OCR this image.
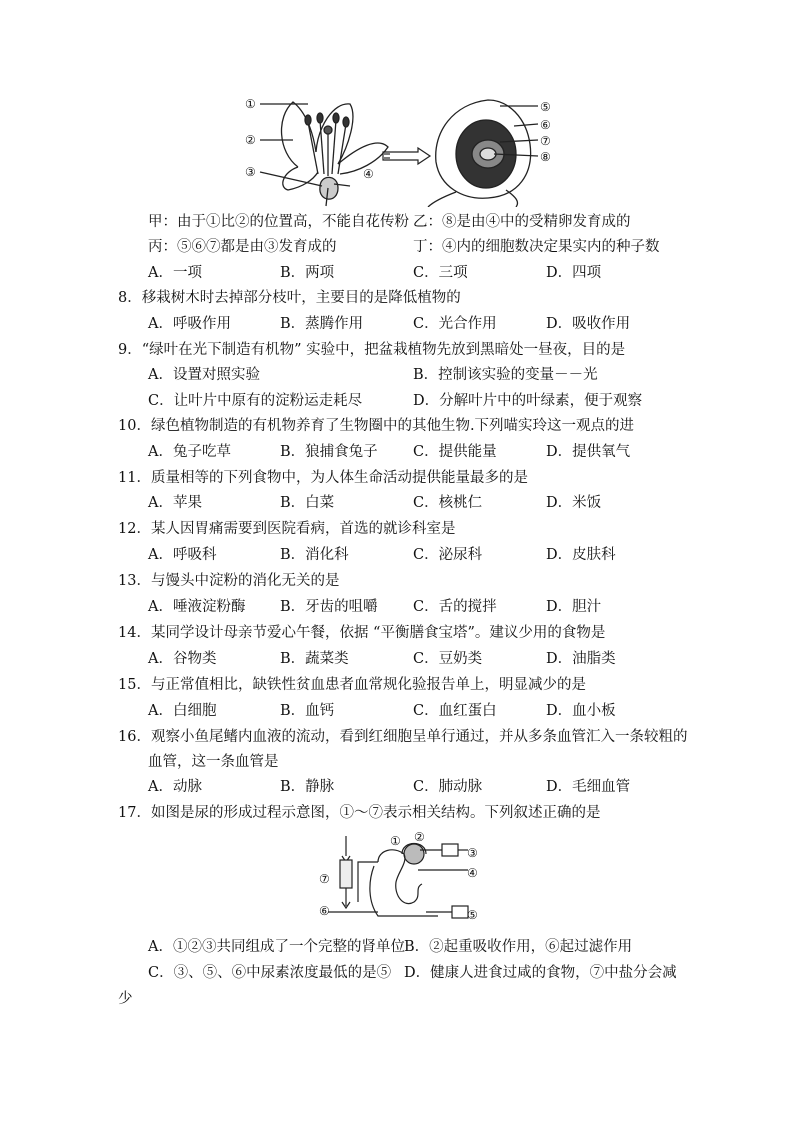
①
②
③	④
⑤
⑥
⑦
⑧
甲：由于①比②的位置高，不能自花传粉 乙：⑧是由④中的受精卵发育成的
丙：⑤⑥⑦都是由③发育成的	丁：④内的细胞数决定果实内的种子数
A．一项	B．两项	C．三项	D．四项
8．移栽树木时去掉部分枝叶，主要目的是降低植物的
A．呼吸作用	B．蒸腾作用	C．光合作用	D．吸收作用
9．“绿叶在光下制造有机物” 实验中，把盆栽植物先放到黑暗处一昼夜，目的是
A．设置对照实验	B．控制该实验的变量－－光
C．让叶片中原有的淀粉运走耗尽	D．分解叶片中的叶绿素，便于观察
10．绿色植物制造的有机物养育了生物圈中的其他生物.下列喵实玲这一观点的进
A．兔子吃草	B．狼捕食兔子 C．提供能量	D．提供氧气
11．质量相等的下列食物中，为人体生命活动提供能量最多的是
A．苹果	B．白菜	C．核桃仁	D．米饭
12．某人因胃痛需要到医院看病，首选的就诊科室是
A．呼吸科	B．消化科	C．泌尿科	D．皮肤科
13．与馒头中淀粉的消化无关的是
A．唾液淀粉酶 B．牙齿的咀嚼 C．舌的搅拌	D．胆汁
14．某同学设计母亲节爱心午餐，依据 “平衡膳食宝塔”。建议少用的食物是
A．谷物类	B．蔬菜类	C．豆奶类	D．油脂类
15．与正常值相比，缺铁性贫血患者血常规化验报告单上，明显减少的是
A．白细胞	B．血钙	C．血红蛋白	D．血小板
16．观察小鱼尾鳍内血液的流动，看到红细胞呈单行通过，并从多条血管汇入一条较粗的
血管，这一条血管是
A．动脉	B．静脉	C．肺动脉	D．毛细血管
17．如图是尿的形成过程示意图，①～⑦表示相关结构。下列叙述正确的是
① ②
③
④
⑤
⑥
⑦
A．①②③共同组成了一个完整的肾单位 B．②起重吸收作用，⑥起过滤作用
C．③、⑤、⑥中尿素浓度最低的是⑤ D．健康人进食过咸的食物，⑦中盐分会减
少
